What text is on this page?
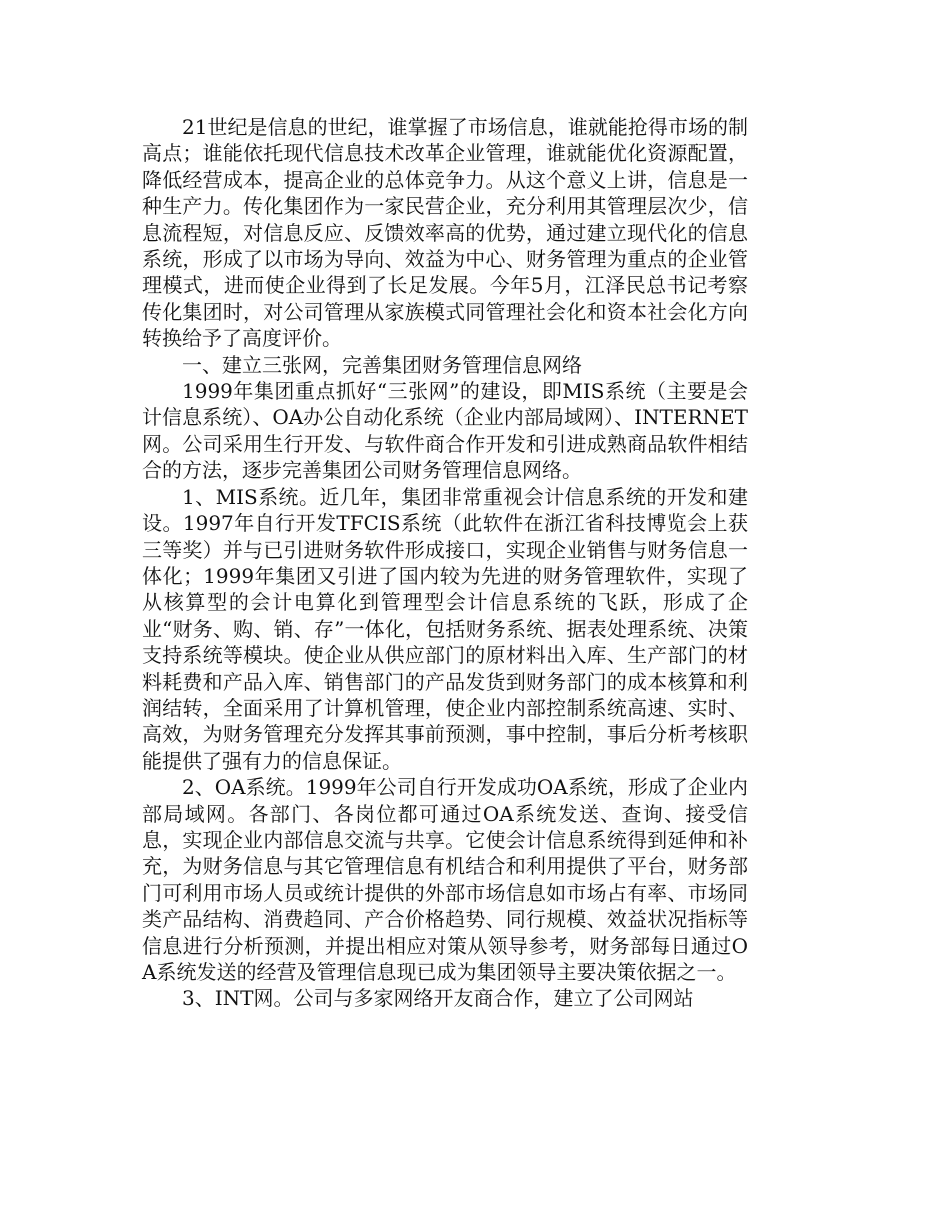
21世纪是信息的世纪，谁掌握了市场信息，谁就能抢得市场的制高点；谁能依托现代信息技术改革企业管理，谁就能优化资源配置，降低经营成本，提高企业的总体竞争力。从这个意义上讲，信息是一种生产力。传化集团作为一家民营企业，充分利用其管理层次少，信息流程短，对信息反应、反馈效率高的优势，通过建立现代化的信息系统，形成了以市场为导向、效益为中心、财务管理为重点的企业管理模式，进而使企业得到了长足发展。今年5月，江泽民总书记考察传化集团时，对公司管理从家族模式同管理社会化和资本社会化方向转换给予了高度评价。

一、建立三张网，完善集团财务管理信息网络

1999年集团重点抓好“三张网”的建设，即MIS系统（主要是会计信息系统）、OA办公自动化系统（企业内部局域网）、INTERNET网。公司采用生行开发、与软件商合作开发和引进成熟商品软件相结合的方法，逐步完善集团公司财务管理信息网络。

1、MIS系统。近几年，集团非常重视会计信息系统的开发和建设。1997年自行开发TFCIS系统（此软件在浙江省科技博览会上获三等奖）并与已引进财务软件形成接口，实现企业销售与财务信息一体化；1999年集团又引进了国内较为先进的财务管理软件，实现了从核算型的会计电算化到管理型会计信息系统的飞跃，形成了企业“财务、购、销、存”一体化，包括财务系统、据表处理系统、决策支持系统等模块。使企业从供应部门的原材料出入库、生产部门的材料耗费和产品入库、销售部门的产品发货到财务部门的成本核算和利润结转，全面采用了计算机管理，使企业内部控制系统高速、实时、高效，为财务管理充分发挥其事前预测，事中控制，事后分析考核职能提供了强有力的信息保证。

2、OA系统。1999年公司自行开发成功OA系统，形成了企业内部局域网。各部门、各岗位都可通过OA系统发送、查询、接受信息，实现企业内部信息交流与共享。它使会计信息系统得到延伸和补充，为财务信息与其它管理信息有机结合和利用提供了平台，财务部门可利用市场人员或统计提供的外部市场信息如市场占有率、市场同类产品结构、消费趋同、产合价格趋势、同行规模、效益状况指标等信息进行分析预测，并提出相应对策从领导参考，财务部每日通过OA系统发送的经营及管理信息现已成为集团领导主要决策依据之一。

3、INT网。公司与多家网络开友商合作，建立了公司网站
